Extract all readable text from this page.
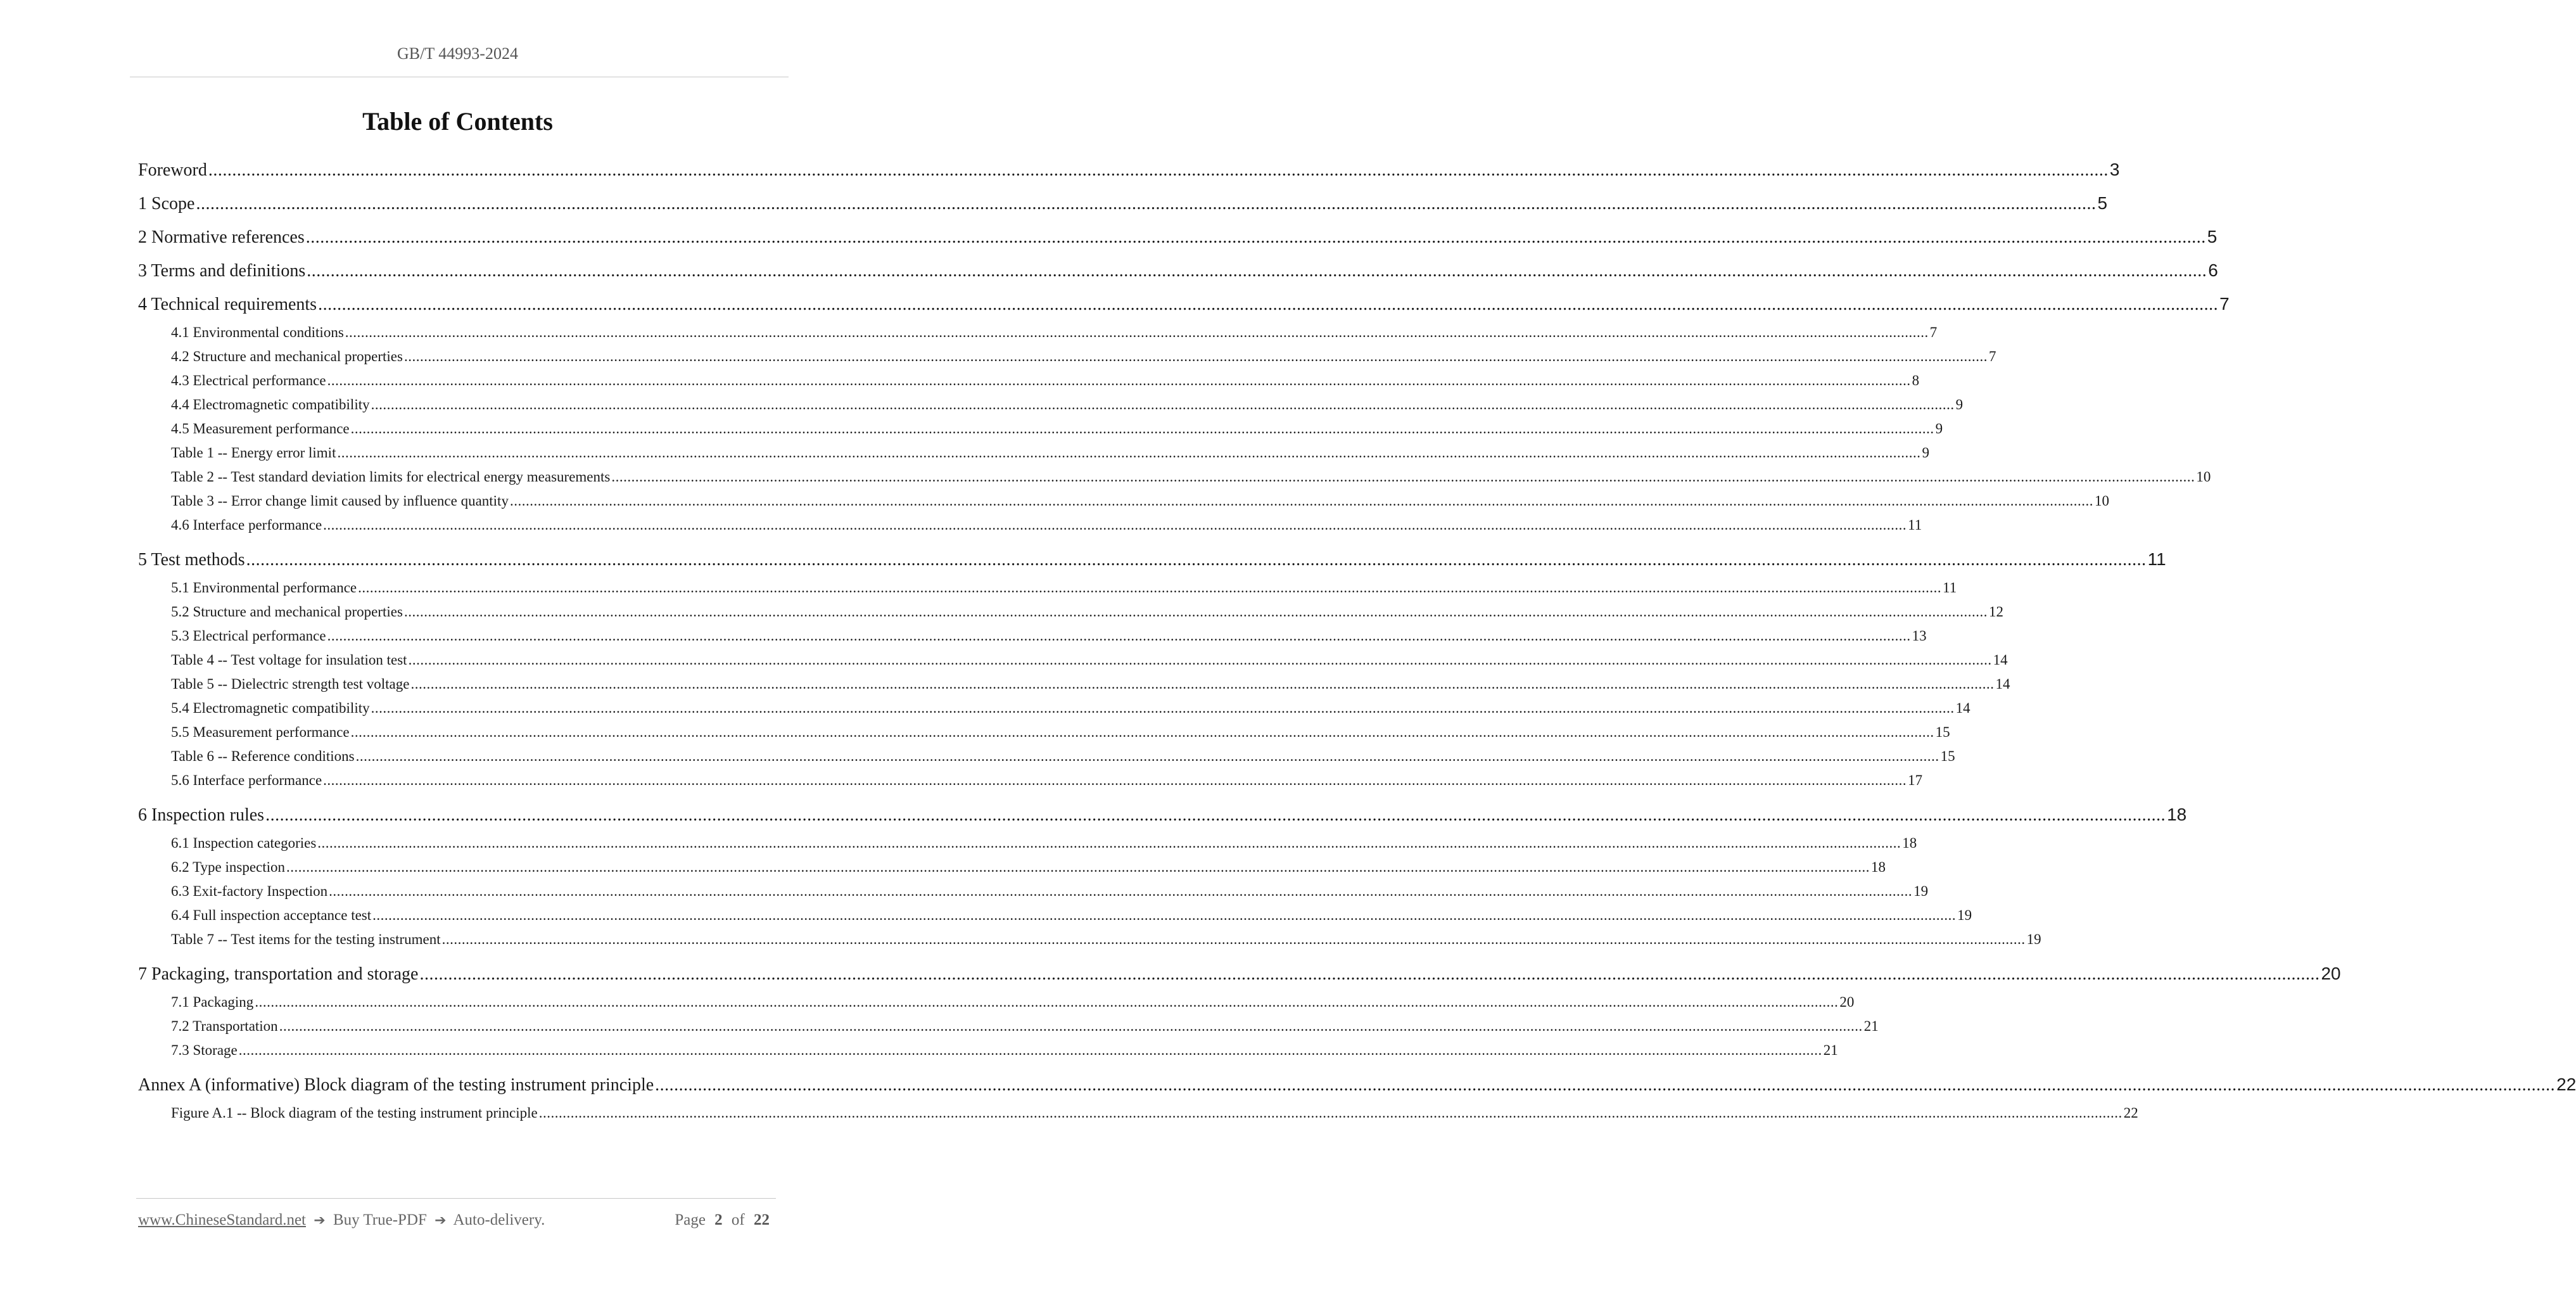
GB/T 44993-2024
Table of Contents
Foreword ................................................................................................................................................................................................................................................................................................................................................................................................................ 3
1 Scope ................................................................................................................................................................................................................................................................................................................................................................................................................ 5
2 Normative references ................................................................................................................................................................................................................................................................................................................................................................................................................ 5
3 Terms and definitions ................................................................................................................................................................................................................................................................................................................................................................................................................ 6
4 Technical requirements ................................................................................................................................................................................................................................................................................................................................................................................................................ 7
4.1 Environmental conditions ................................................................................................................................................................................................................................................................................................................................................................................................................ 7
4.2 Structure and mechanical properties ................................................................................................................................................................................................................................................................................................................................................................................................................ 7
4.3 Electrical performance ................................................................................................................................................................................................................................................................................................................................................................................................................ 8
4.4 Electromagnetic compatibility ................................................................................................................................................................................................................................................................................................................................................................................................................ 9
4.5 Measurement performance ................................................................................................................................................................................................................................................................................................................................................................................................................ 9
Table 1 -- Energy error limit ................................................................................................................................................................................................................................................................................................................................................................................................................ 9
Table 2 -- Test standard deviation limits for electrical energy measurements ................................................................................................................................................................................................................................................................................................................................................................................................................ 10
Table 3 -- Error change limit caused by influence quantity ................................................................................................................................................................................................................................................................................................................................................................................................................ 10
4.6 Interface performance ................................................................................................................................................................................................................................................................................................................................................................................................................ 11
5 Test methods ................................................................................................................................................................................................................................................................................................................................................................................................................ 11
5.1 Environmental performance ................................................................................................................................................................................................................................................................................................................................................................................................................ 11
5.2 Structure and mechanical properties ................................................................................................................................................................................................................................................................................................................................................................................................................ 12
5.3 Electrical performance ................................................................................................................................................................................................................................................................................................................................................................................................................ 13
Table 4 -- Test voltage for insulation test ................................................................................................................................................................................................................................................................................................................................................................................................................ 14
Table 5 -- Dielectric strength test voltage ................................................................................................................................................................................................................................................................................................................................................................................................................ 14
5.4 Electromagnetic compatibility ................................................................................................................................................................................................................................................................................................................................................................................................................ 14
5.5 Measurement performance ................................................................................................................................................................................................................................................................................................................................................................................................................ 15
Table 6 -- Reference conditions ................................................................................................................................................................................................................................................................................................................................................................................................................ 15
5.6 Interface performance ................................................................................................................................................................................................................................................................................................................................................................................................................ 17
6 Inspection rules ................................................................................................................................................................................................................................................................................................................................................................................................................ 18
6.1 Inspection categories ................................................................................................................................................................................................................................................................................................................................................................................................................ 18
6.2 Type inspection ................................................................................................................................................................................................................................................................................................................................................................................................................ 18
6.3 Exit-factory Inspection ................................................................................................................................................................................................................................................................................................................................................................................................................ 19
6.4 Full inspection acceptance test ................................................................................................................................................................................................................................................................................................................................................................................................................ 19
Table 7 -- Test items for the testing instrument ................................................................................................................................................................................................................................................................................................................................................................................................................ 19
7 Packaging, transportation and storage ................................................................................................................................................................................................................................................................................................................................................................................................................ 20
7.1 Packaging ................................................................................................................................................................................................................................................................................................................................................................................................................ 20
7.2 Transportation ................................................................................................................................................................................................................................................................................................................................................................................................................ 21
7.3 Storage ................................................................................................................................................................................................................................................................................................................................................................................................................ 21
Annex A (informative) Block diagram of the testing instrument principle ................................................................................................................................................................................................................................................................................................................................................................................................................ 22
Figure A.1 -- Block diagram of the testing instrument principle ................................................................................................................................................................................................................................................................................................................................................................................................................ 22
www.ChineseStandard.net ➔ Buy True-PDF ➔ Auto-delivery.	Page 2 of 22
